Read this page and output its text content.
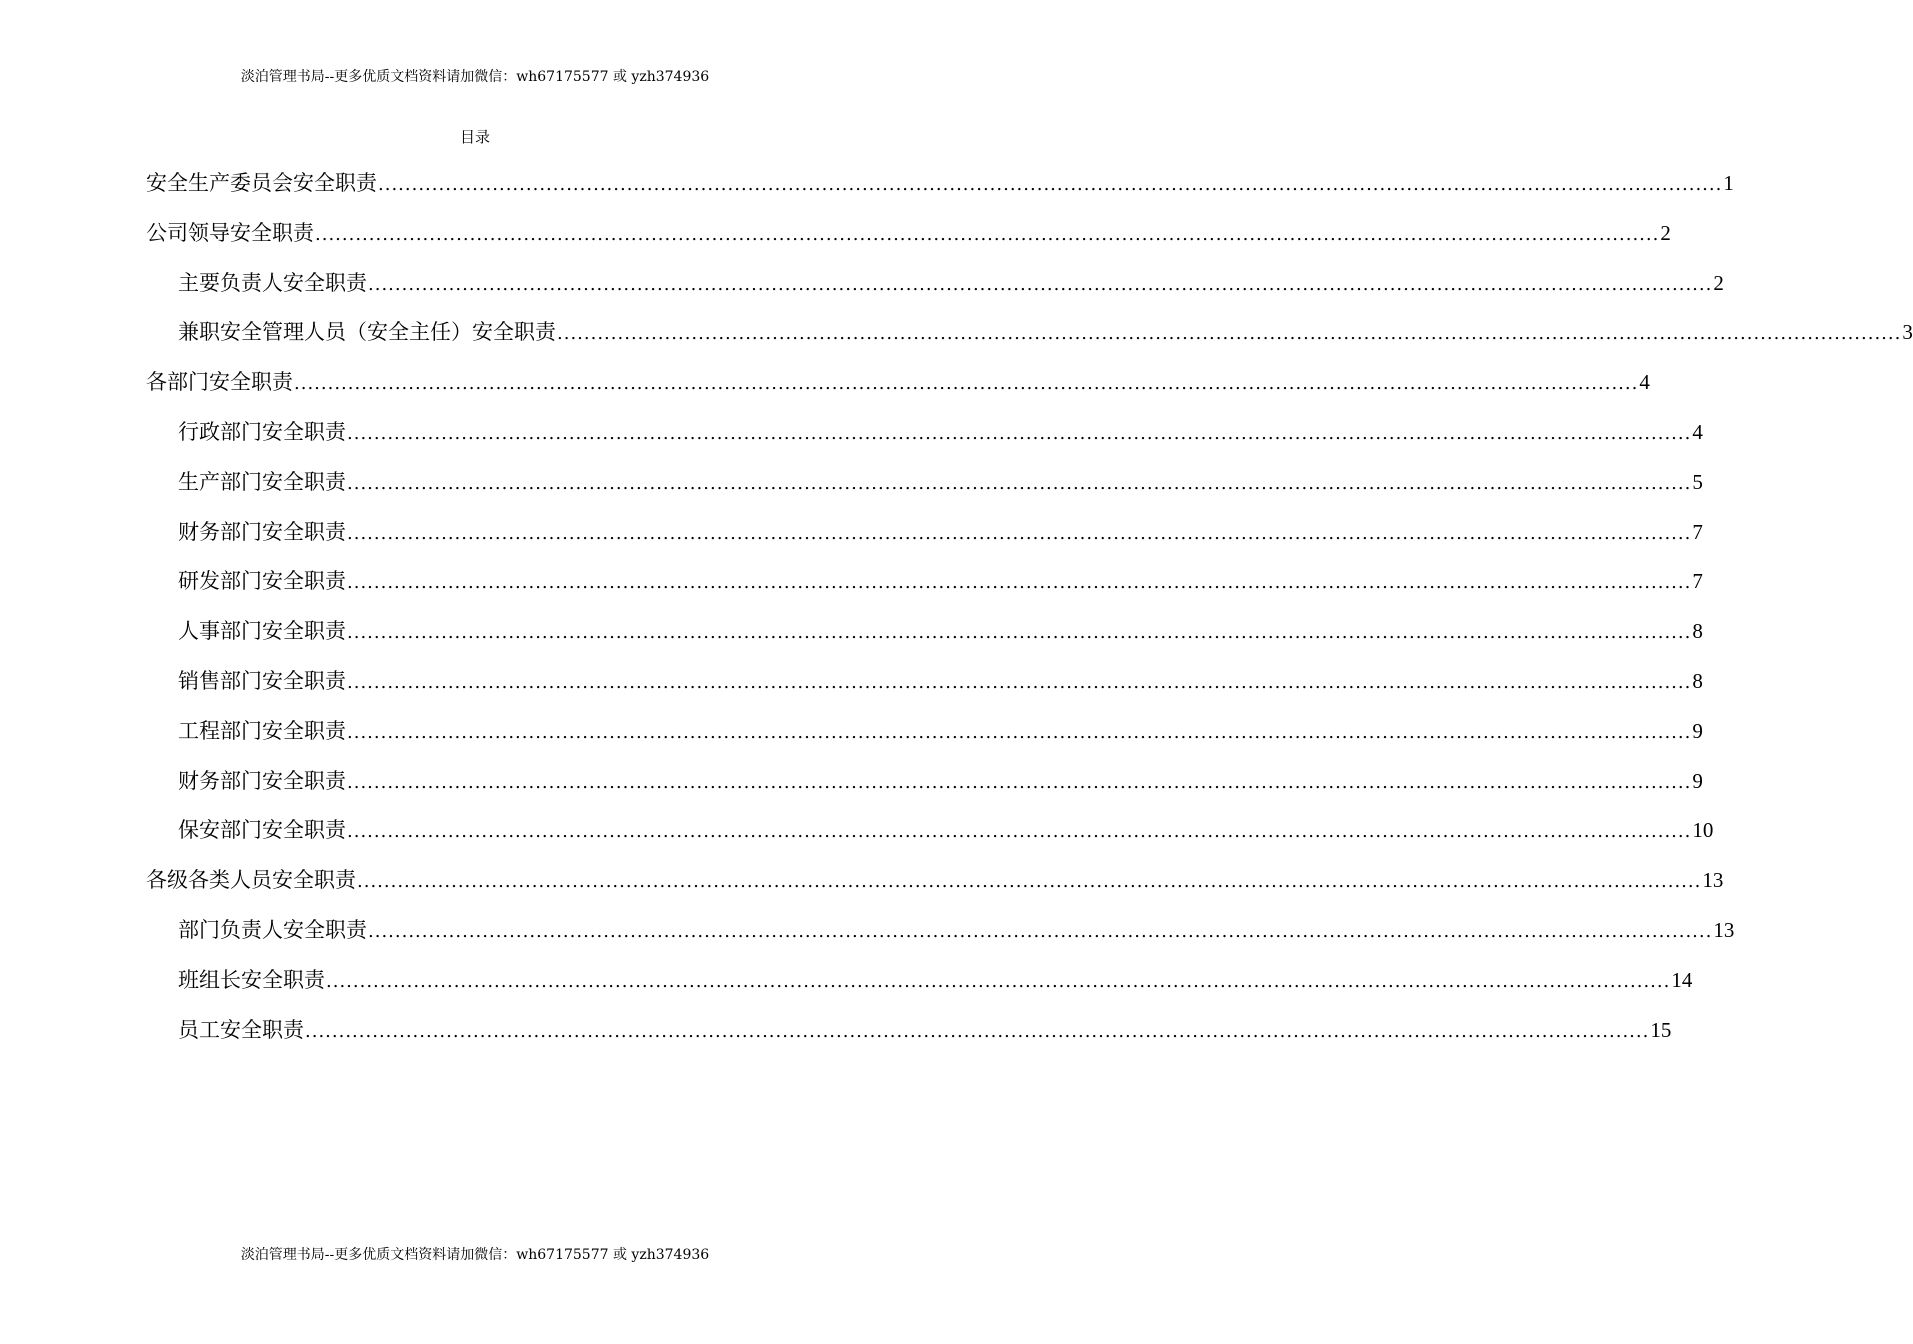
淡泊管理书局--更多优质文档资料请加微信：wh67175577 或 yzh374936
目录
安全生产委员会安全职责 ........................................................................................................................................................................................................ 1
公司领导安全职责 ........................................................................................................................................................................................................ 2
主要负责人安全职责 ........................................................................................................................................................................................................ 2
兼职安全管理人员（安全主任）安全职责 ........................................................................................................................................................................................................ 3
各部门安全职责 ........................................................................................................................................................................................................ 4
行政部门安全职责 ........................................................................................................................................................................................................ 4
生产部门安全职责 ........................................................................................................................................................................................................ 5
财务部门安全职责 ........................................................................................................................................................................................................ 7
研发部门安全职责 ........................................................................................................................................................................................................ 7
人事部门安全职责 ........................................................................................................................................................................................................ 8
销售部门安全职责 ........................................................................................................................................................................................................ 8
工程部门安全职责 ........................................................................................................................................................................................................ 9
财务部门安全职责 ........................................................................................................................................................................................................ 9
保安部门安全职责 ........................................................................................................................................................................................................ 10
各级各类人员安全职责 ........................................................................................................................................................................................................ 13
部门负责人安全职责 ........................................................................................................................................................................................................ 13
班组长安全职责 ........................................................................................................................................................................................................ 14
员工安全职责 ........................................................................................................................................................................................................ 15
淡泊管理书局--更多优质文档资料请加微信：wh67175577 或 yzh374936
